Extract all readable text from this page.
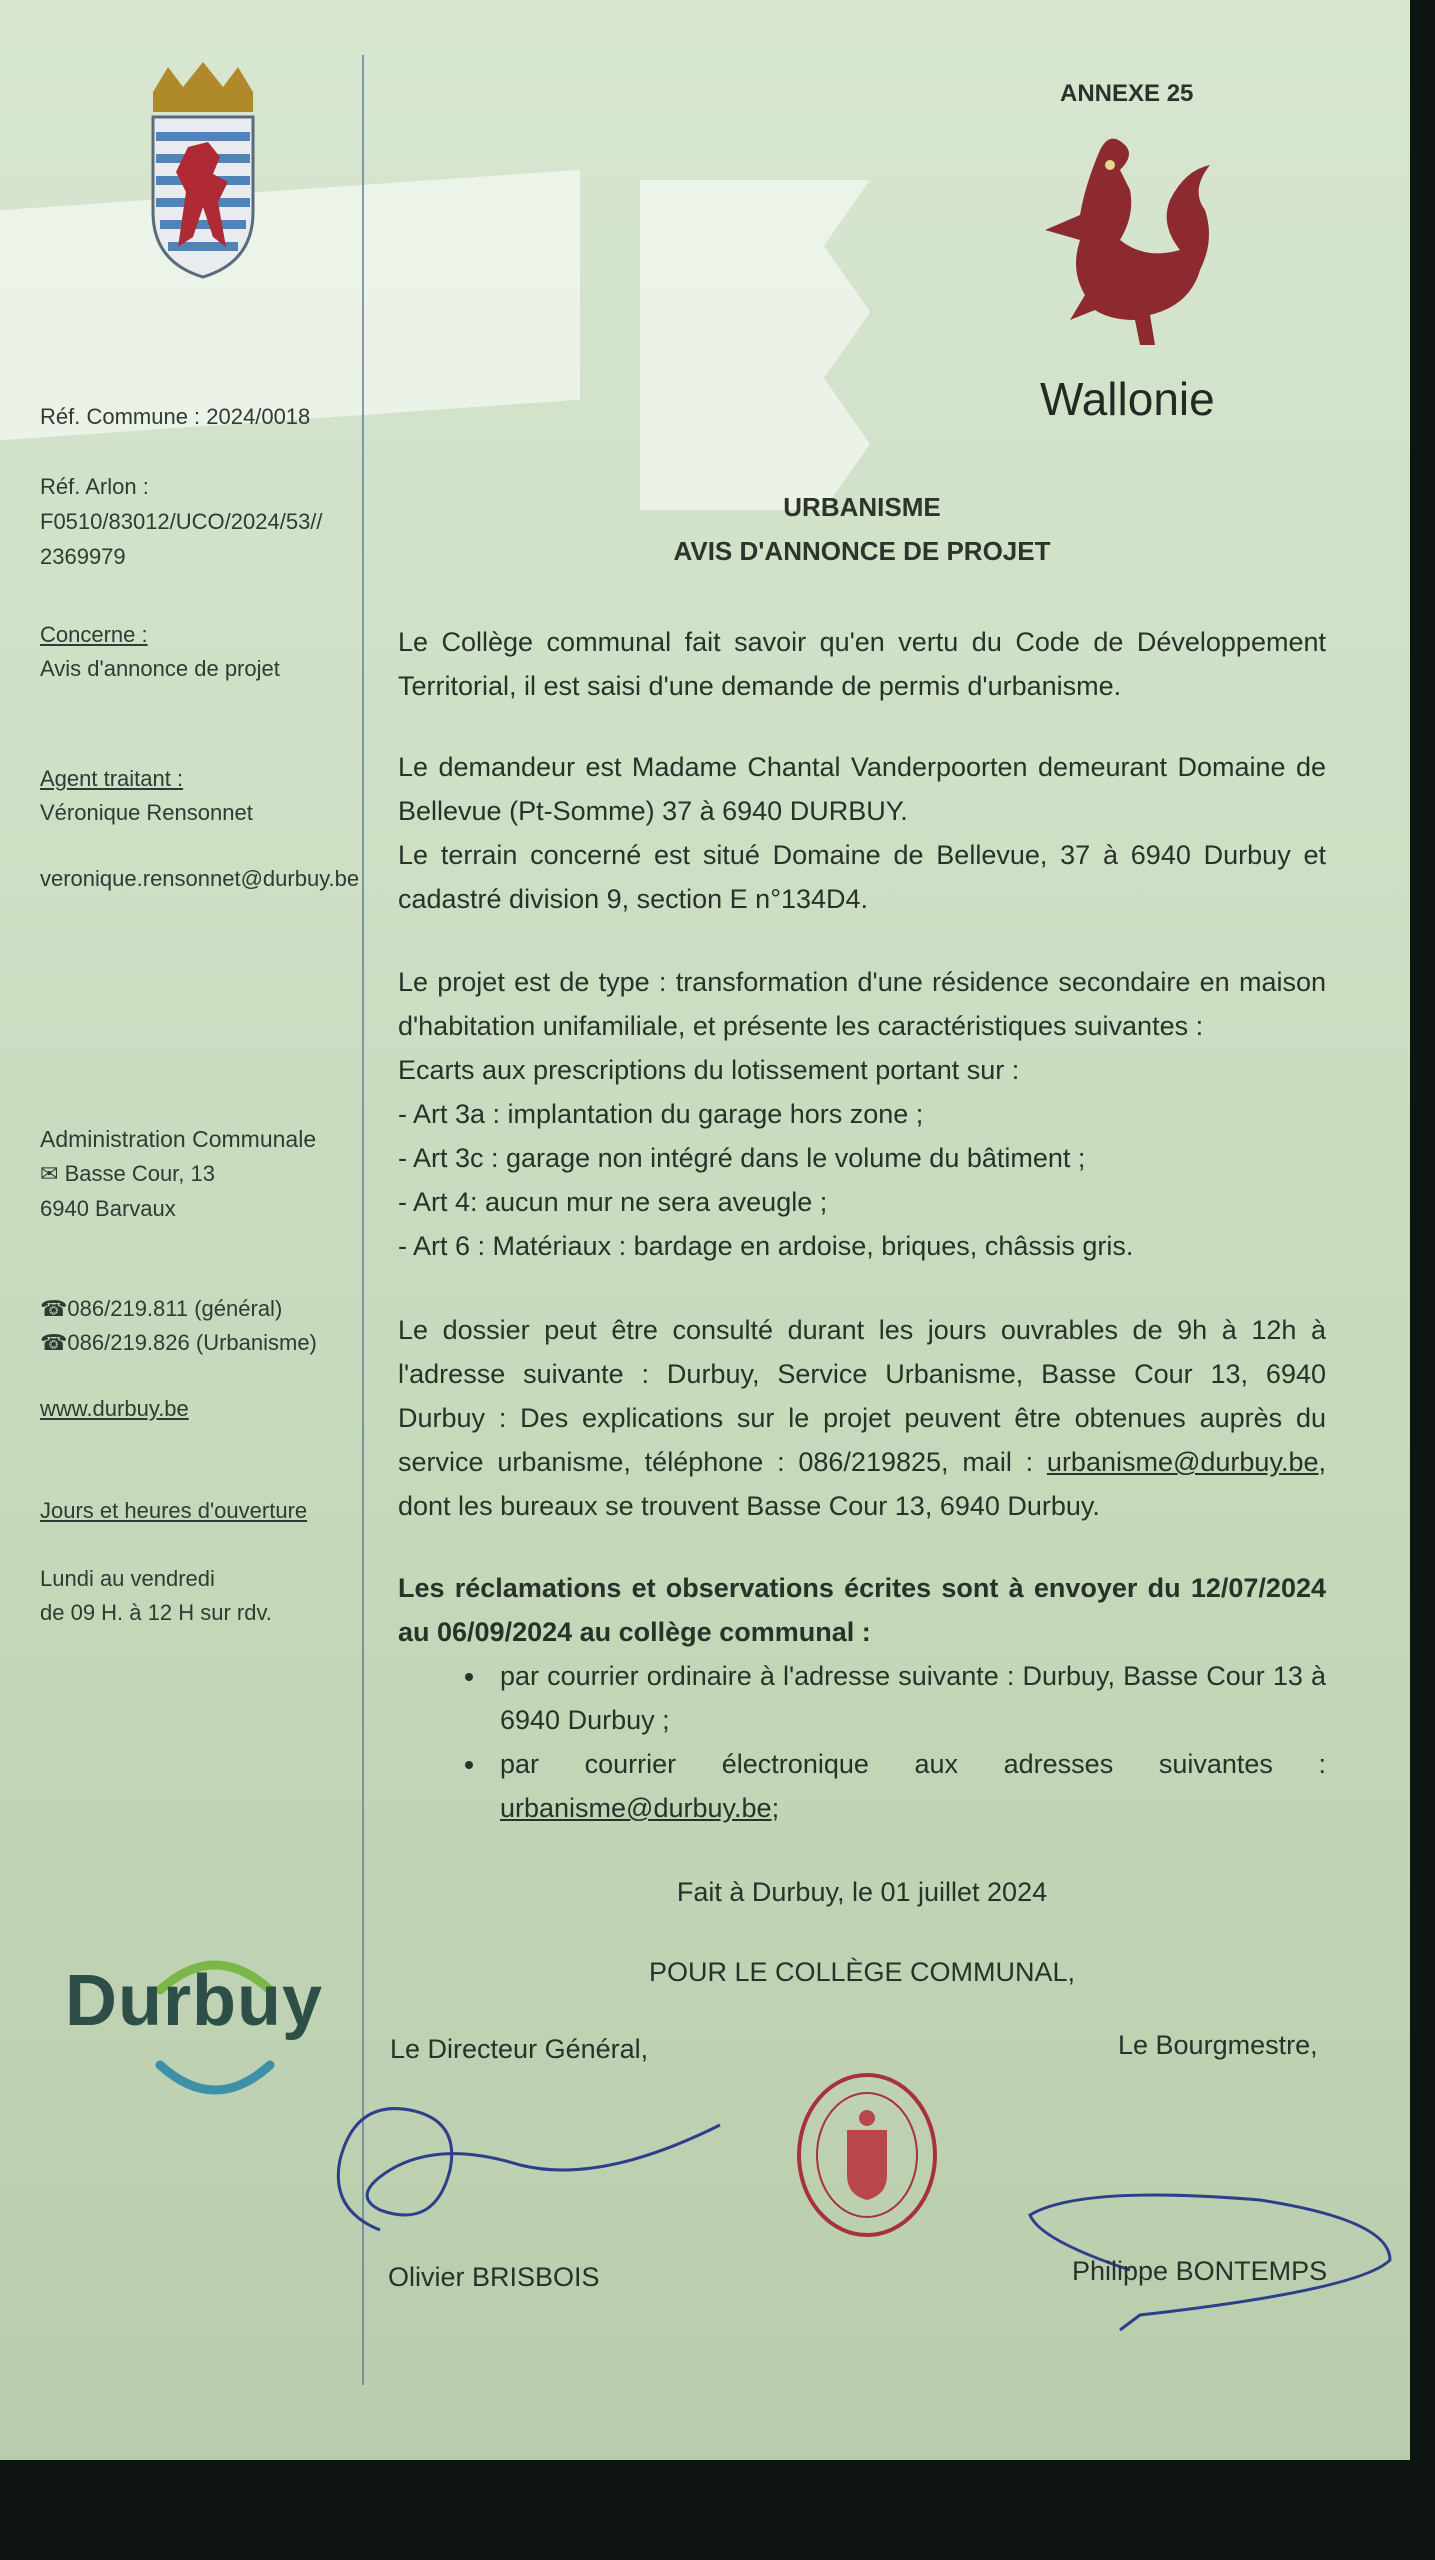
Réf. Commune : 2024/0018
Réf. Arlon :
F0510/83012/UCO/2024/53//
2369979
Concerne :
Avis d'annonce de projet
Agent traitant :
Véronique Rensonnet
veronique.rensonnet@durbuy.be
Administration Communale
✉ Basse Cour, 13
6940 Barvaux
☎086/219.811 (général)
☎086/219.826 (Urbanisme)
www.durbuy.be
Jours et heures d'ouverture
Lundi au vendredi
de 09 H. à 12 H sur rdv.
Durbuy
ANNEXE 25
Wallonie
URBANISME
AVIS D'ANNONCE DE PROJET
Le Collège communal fait savoir qu'en vertu du Code de Développement Territorial, il est saisi d'une demande de permis d'urbanisme.
Le demandeur est Madame Chantal Vanderpoorten demeurant Domaine de Bellevue (Pt-Somme) 37 à 6940 DURBUY.
Le terrain concerné est situé Domaine de Bellevue, 37 à 6940 Durbuy et cadastré division 9, section E n°134D4.
Le projet est de type : transformation d'une résidence secondaire en maison d'habitation unifamiliale, et présente les caractéristiques suivantes :
Ecarts aux prescriptions du lotissement portant sur :
- Art 3a : implantation du garage hors zone ;
- Art 3c : garage non intégré dans le volume du bâtiment ;
- Art 4: aucun mur ne sera aveugle ;
- Art 6 : Matériaux : bardage en ardoise, briques, châssis gris.
Le dossier peut être consulté durant les jours ouvrables de 9h à 12h à l'adresse suivante : Durbuy, Service Urbanisme, Basse Cour 13, 6940 Durbuy : Des explications sur le projet peuvent être obtenues auprès du service urbanisme, téléphone : 086/219825, mail : urbanisme@durbuy.be, dont les bureaux se trouvent Basse Cour 13, 6940 Durbuy.
Les réclamations et observations écrites sont à envoyer du 12/07/2024 au 06/09/2024 au collège communal :
• par courrier ordinaire à l'adresse suivante : Durbuy, Basse Cour 13 à 6940 Durbuy ;
• par courrier électronique aux adresses suivantes : urbanisme@durbuy.be;
Fait à Durbuy, le 01 juillet 2024
POUR LE COLLÈGE COMMUNAL,
Le Directeur Général,	Le Bourgmestre,
Olivier BRISBOIS	Philippe BONTEMPS
